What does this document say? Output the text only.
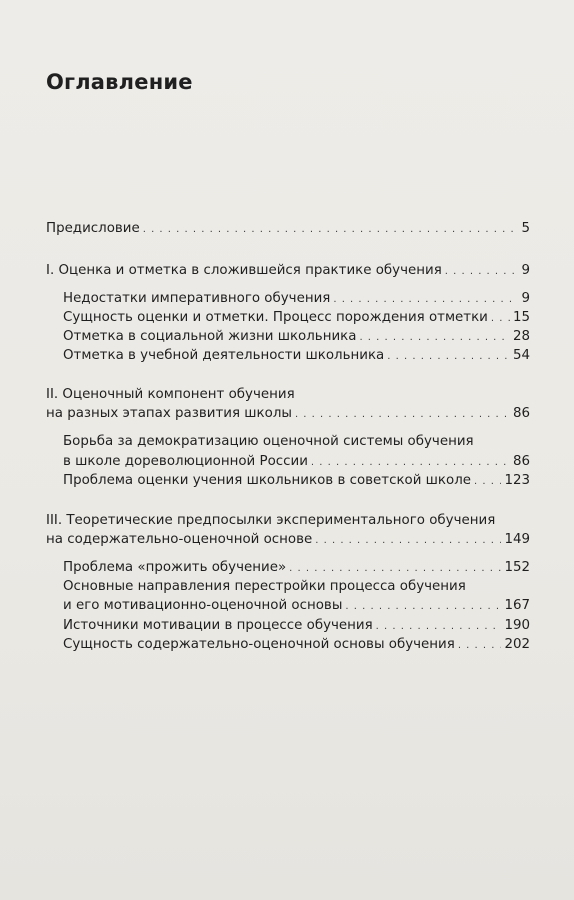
Оглавление
Предисловие . . .	5
I. Оценка и отметка в сложившейся практике обучения . . .	9
Недостатки императивного обучения . . .	9
Сущность оценки и отметки. Процесс порождения отметки . . . 15
Отметка в социальной жизни школьника . . .	28
Отметка в учебной деятельности школьника . . .	54
II. Оценочный компонент обучения
на разных этапах развития школы . . .	86
Борьба за демократизацию оценочной системы обучения
в школе дореволюционной России . . .	86
Проблема оценки учения школьников в советской школе . . . 123
III. Теоретические предпосылки экспериментального обучения
на содержательно-оценочной основе . . .	149
Проблема «прожить обучение» . . .	152
Основные направления перестройки процесса обучения
и его мотивационно-оценочной основы . . .	167
Источники мотивации в процессе обучения . . .	190
Сущность содержательно-оценочной основы обучения . . .	202
